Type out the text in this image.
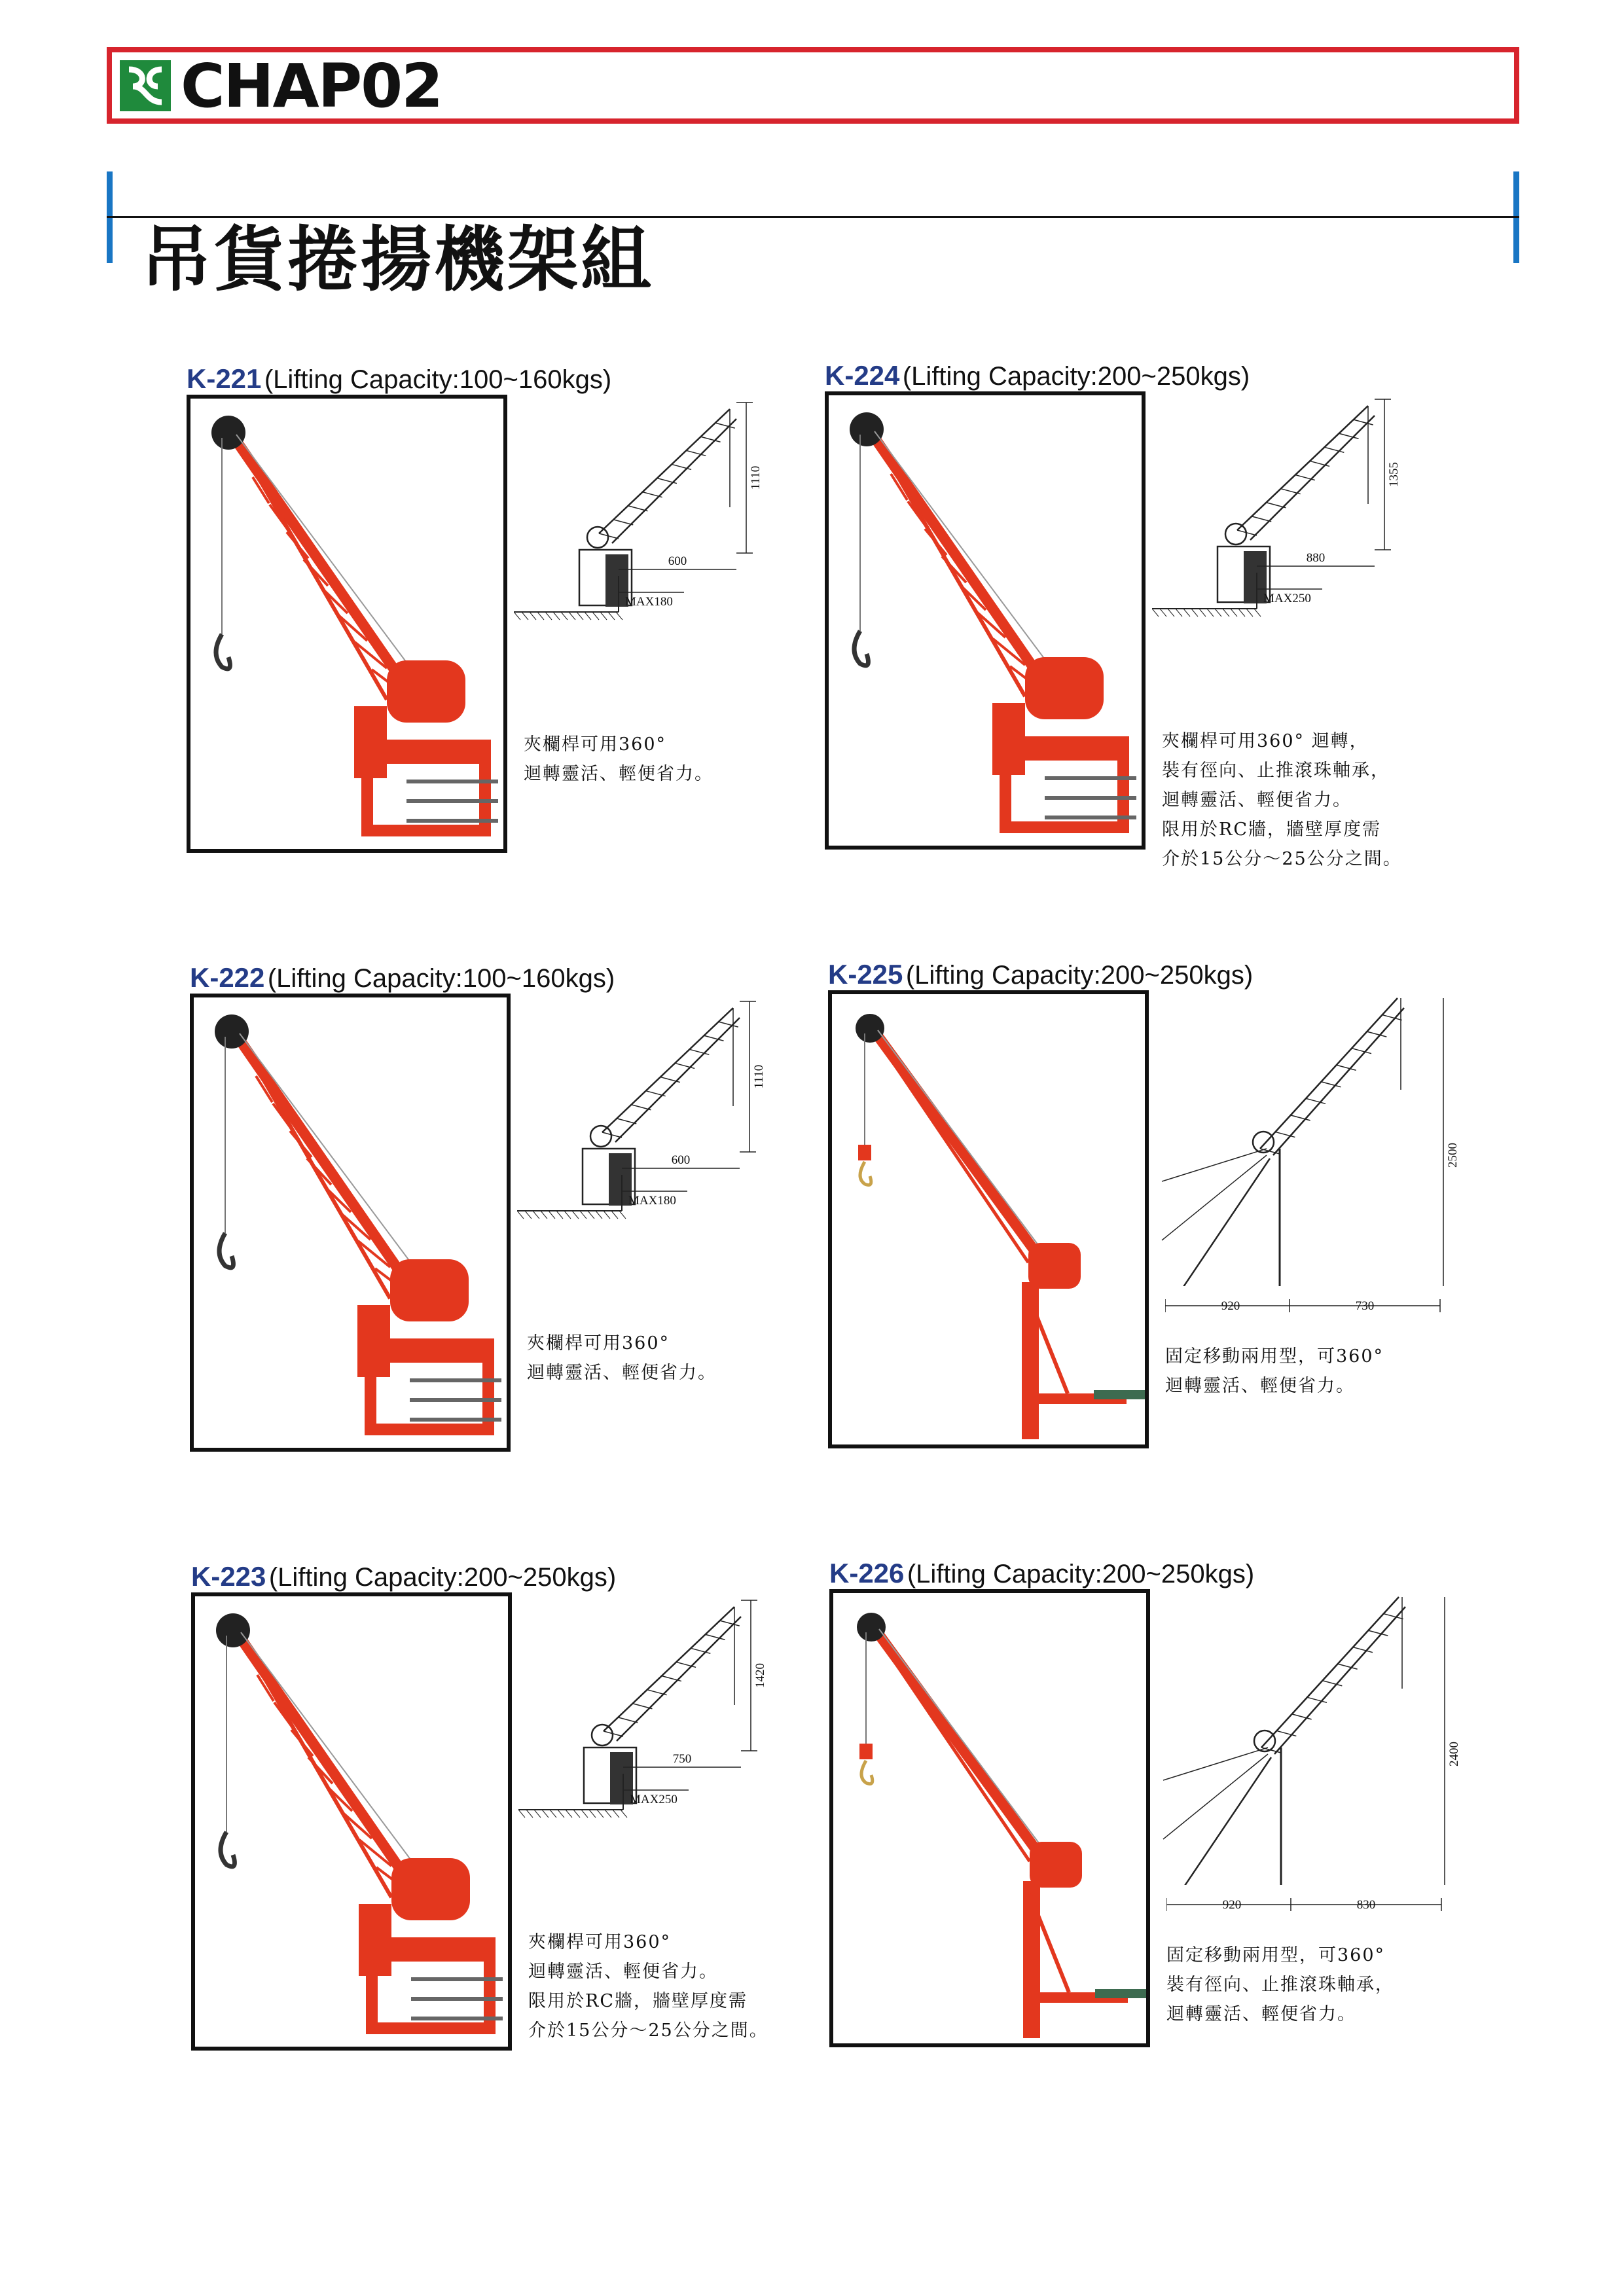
CHAP02
吊貨捲揚機架組
K-221 (Lifting Capacity:100~160kgs)
1110
600
MAX180
夾欄桿可用360°
迴轉靈活、輕便省力。
K-224 (Lifting Capacity:200~250kgs)
1355
880
MAX250
夾欄桿可用360° 迴轉，
裝有徑向、止推滾珠軸承，
迴轉靈活、輕便省力。
限用於RC牆，牆壁厚度需
介於15公分～25公分之間。
K-222 (Lifting Capacity:100~160kgs)
1110
600
MAX180
夾欄桿可用360°
迴轉靈活、輕便省力。
K-225 (Lifting Capacity:200~250kgs)
2500
920	730
固定移動兩用型，可360°
迴轉靈活、輕便省力。
K-223 (Lifting Capacity:200~250kgs)
1420
750
MAX250
夾欄桿可用360°
迴轉靈活、輕便省力。
限用於RC牆，牆壁厚度需
介於15公分～25公分之間。
K-226 (Lifting Capacity:200~250kgs)
2400
920	830
固定移動兩用型，可360°
裝有徑向、止推滾珠軸承，
迴轉靈活、輕便省力。
